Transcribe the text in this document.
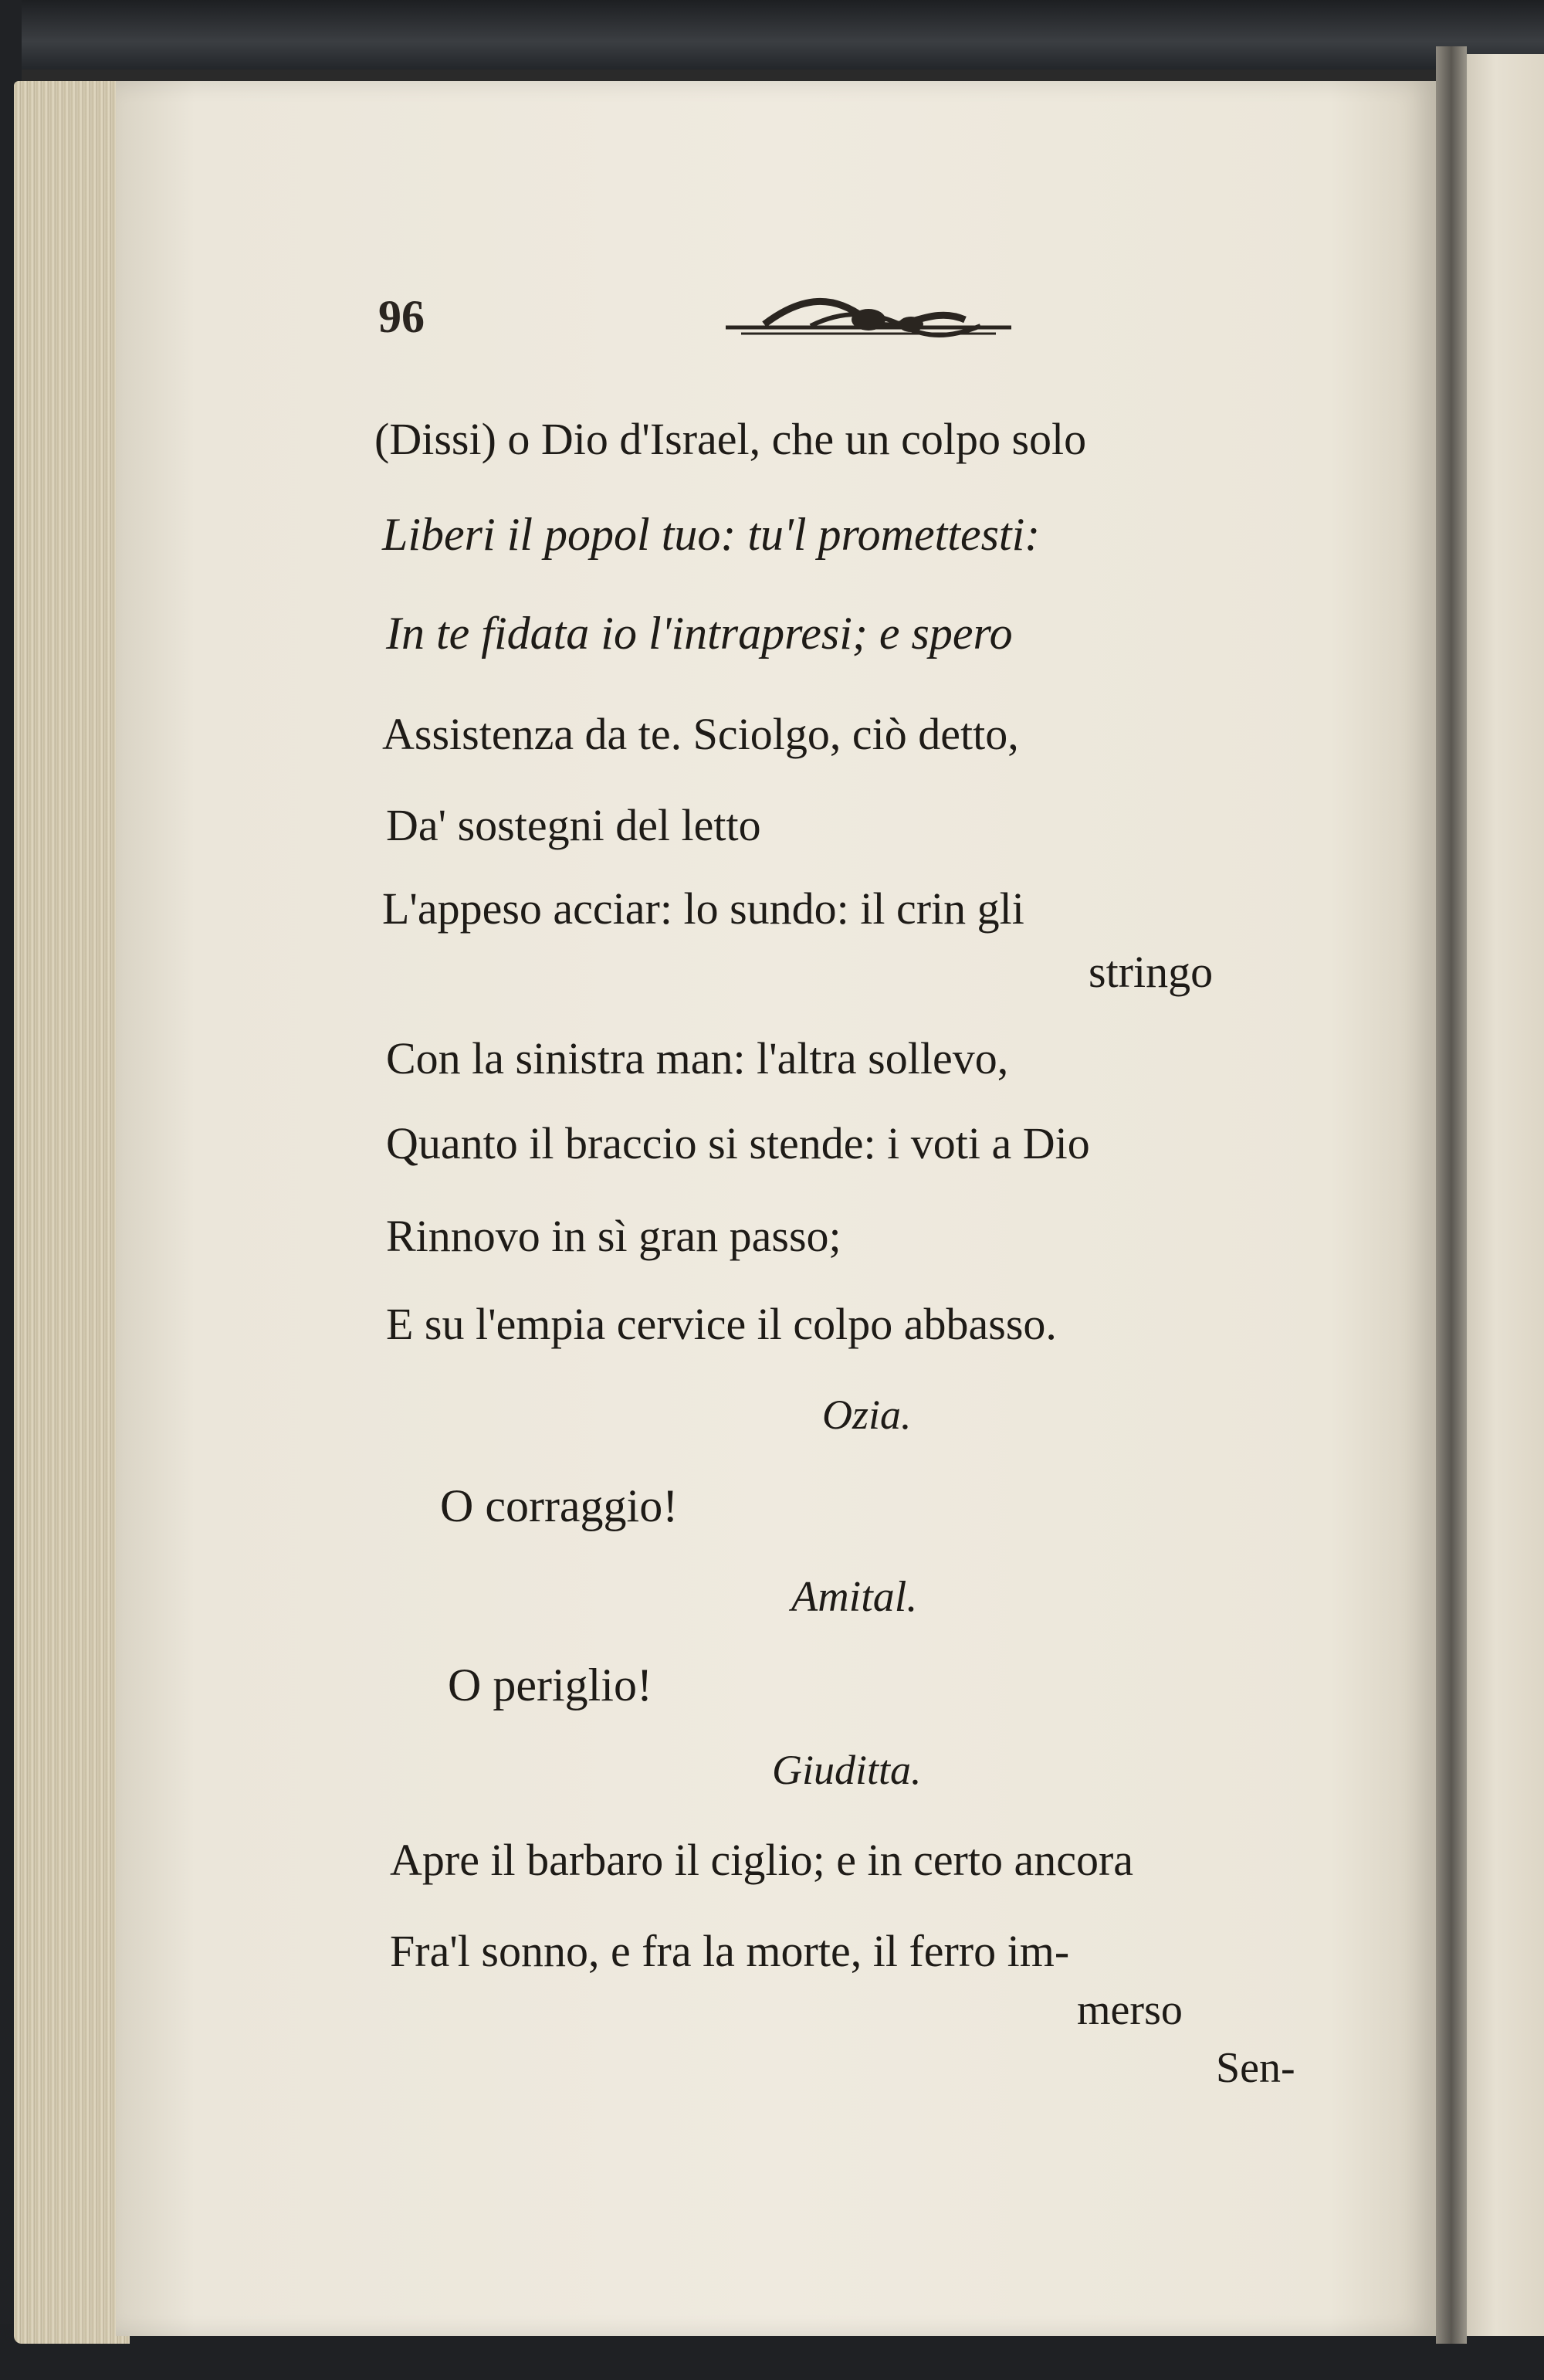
96
(Dissi) o Dio d'Israel, che un colpo solo
Liberi il popol tuo: tu'l promettesti:
In te fidata io l'intrapresi; e spero
Assistenza da te. Sciolgo, ciò detto,
Da' sostegni del letto
L'appeso acciar: lo sundo: il crin gli
stringo
Con la sinistra man: l'altra sollevo,
Quanto il braccio si stende: i voti a Dio
Rinnovo in sì gran passo;
E su l'empia cervice il colpo abbasso.
Ozia.
O corraggio!
Amital.
O periglio!
Giuditta.
Apre il barbaro il ciglio; e in certo ancora
Fra'l sonno, e fra la morte, il ferro im-
merso
Sen-
